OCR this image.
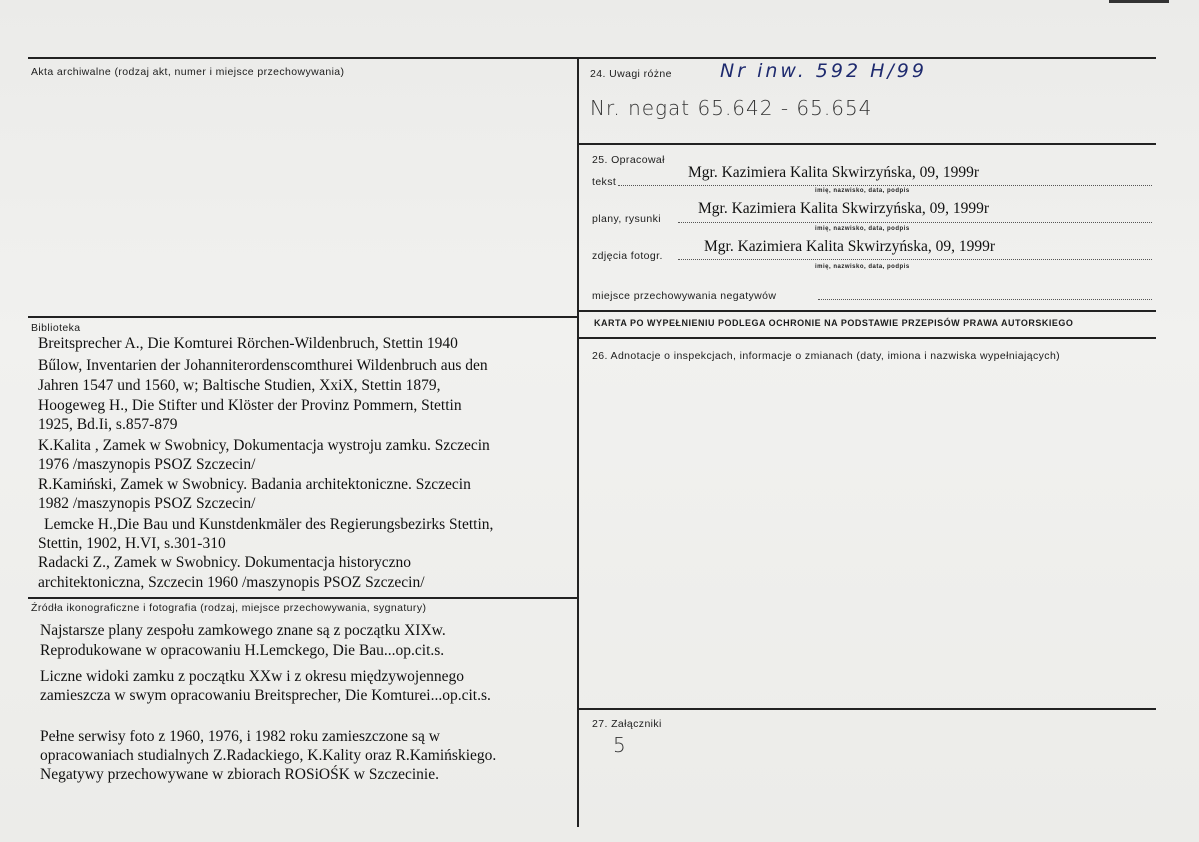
Akta archiwalne (rodzaj akt, numer i miejsce przechowywania)
Biblioteka
Breitsprecher A., Die Komturei Rörchen-Wildenbruch, Stettin 1940
Bűlow, Inventarien der Johanniterordenscomthurei Wildenbruch aus den
Jahren 1547 und 1560, w; Baltische Studien, XxiX, Stettin 1879,
Hoogeweg H., Die Stifter und Klöster der Provinz Pommern, Stettin
1925, Bd.Ii, s.857-879
K.Kalita , Zamek w Swobnicy, Dokumentacja wystroju zamku. Szczecin
1976 /maszynopis PSOZ Szczecin/
R.Kamiński, Zamek w Swobnicy. Badania architektoniczne. Szczecin
1982 /maszynopis PSOZ Szczecin/
Lemcke H.,Die Bau und Kunstdenkmäler des Regierungsbezirks Stettin,
Stettin, 1902, H.VI, s.301-310
Radacki Z., Zamek w Swobnicy. Dokumentacja historyczno
architektoniczna, Szczecin 1960 /maszynopis PSOZ Szczecin/
Źródła ikonograficzne i fotografia (rodzaj, miejsce przechowywania, sygnatury)
Najstarsze plany zespołu zamkowego znane są z początku XIXw.
Reprodukowane w opracowaniu H.Lemckego, Die Bau...op.cit.s.
Liczne widoki zamku z początku XXw i z okresu międzywojennego
zamieszcza w swym opracowaniu Breitsprecher, Die Komturei...op.cit.s.
Pełne serwisy foto z 1960, 1976, i 1982 roku zamieszczone są w
opracowaniach studialnych Z.Radackiego, K.Kality oraz R.Kamińskiego.
Negatywy przechowywane w zbiorach ROSiOŚK w Szczecinie.
24. Uwagi różne	Nr inw. 592 H/99
Nr. negat 65.642 - 65.654
25. Opracował
tekst
Mgr. Kazimiera Kalita Skwirzyńska, 09, 1999r
imię, nazwisko, data, podpis
plany, rysunki
Mgr. Kazimiera Kalita Skwirzyńska, 09, 1999r
imię, nazwisko, data, podpis
zdjęcia fotogr.
Mgr. Kazimiera Kalita Skwirzyńska, 09, 1999r
imię, nazwisko, data, podpis
miejsce przechowywania negatywów
KARTA PO WYPEŁNIENIU PODLEGA OCHRONIE NA PODSTAWIE PRZEPISÓW PRAWA AUTORSKIEGO
26. Adnotacje o inspekcjach, informacje o zmianach (daty, imiona i nazwiska wypełniających)
27. Załączniki
5
